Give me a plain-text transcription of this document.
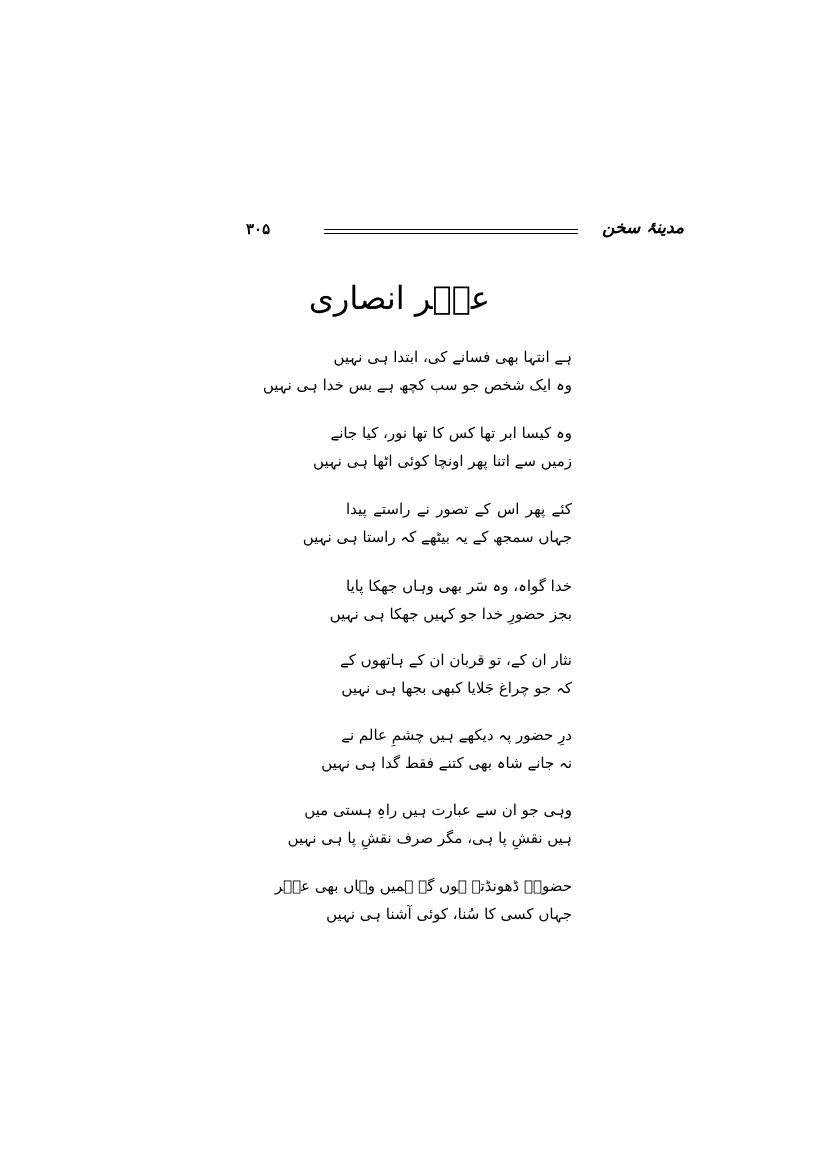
مدینۂ سخن
۳۰۵
عمؔر انصاری
ہے انتہا بھی فسانے کی، ابتدا ہی نہیں
وہ ایک شخص جو سب کچھ ہے بس خدا ہی نہیں
وہ کیسا ابر تھا کس کا تھا نور، کیا جانے
زمیں سے اتنا پھر اونچا کوئی اٹھا ہی نہیں
کئے پھر اس کے تصور نے راستے پیدا
جہاں سمجھ کے یہ بیٹھے کہ راستا ہی نہیں
خدا گواہ، وہ سَر بھی وہاں جھکا پایا
بجز حضورِ خدا جو کہیں جھکا ہی نہیں
نثار ان کے، تو قربان ان کے ہاتھوں کے
کہ جو چراغ جَلایا کبھی بجھا ہی نہیں
درِ حضور پہ دیکھے ہیں چشمِ عالم نے
نہ جانے شاہ بھی کتنے فقط گدا ہی نہیں
وہی جو ان سے عبارت ہیں راہِ ہستی میں
ہیں نقشِ پا ہی، مگر صرف نقشِ پا ہی نہیں
حضورؐ ڈھونڈتے ہوں گے ہمیں وہاں بھی عمؔر
جہاں کسی کا سُنا، کوئی آشنا ہی نہیں
